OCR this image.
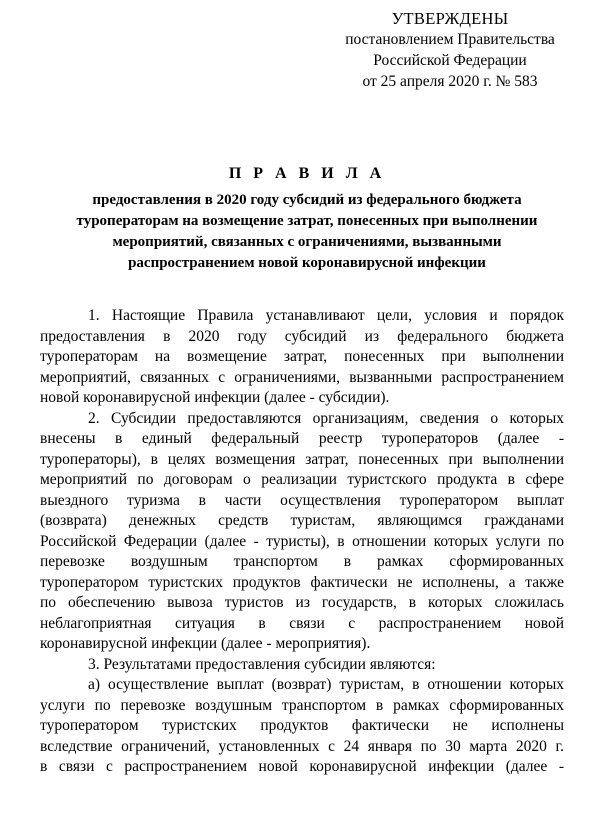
УТВЕРЖДЕНЫ
постановлением Правительства
Российской Федерации
от 25 апреля 2020 г. № 583
П Р А В И Л А
предоставления в 2020 году субсидий из федерального бюджета
туроператорам на возмещение затрат, понесенных при выполнении
мероприятий, связанных с ограничениями, вызванными
распространением новой коронавирусной инфекции
1. Настоящие Правила устанавливают цели, условия и порядок
предоставления в 2020 году субсидий из федерального бюджета
туроператорам на возмещение затрат, понесенных при выполнении
мероприятий, связанных с ограничениями, вызванными распространением
новой коронавирусной инфекции (далее - субсидии).
2. Субсидии предоставляются организациям, сведения о которых
внесены в единый федеральный реестр туроператоров (далее -
туроператоры), в целях возмещения затрат, понесенных при выполнении
мероприятий по договорам о реализации туристского продукта в сфере
выездного туризма в части осуществления туроператором выплат
(возврата) денежных средств туристам, являющимся гражданами
Российской Федерации (далее - туристы), в отношении которых услуги по
перевозке воздушным транспортом в рамках сформированных
туроператором туристских продуктов фактически не исполнены, а также
по обеспечению вывоза туристов из государств, в которых сложилась
неблагоприятная ситуация в связи с распространением новой
коронавирусной инфекции (далее - мероприятия).
3. Результатами предоставления субсидии являются:
а) осуществление выплат (возврат) туристам, в отношении которых
услуги по перевозке воздушным транспортом в рамках сформированных
туроператором туристских продуктов фактически не исполнены
вследствие ограничений, установленных с 24 января по 30 марта 2020 г.
в связи с распространением новой коронавирусной инфекции (далее -
